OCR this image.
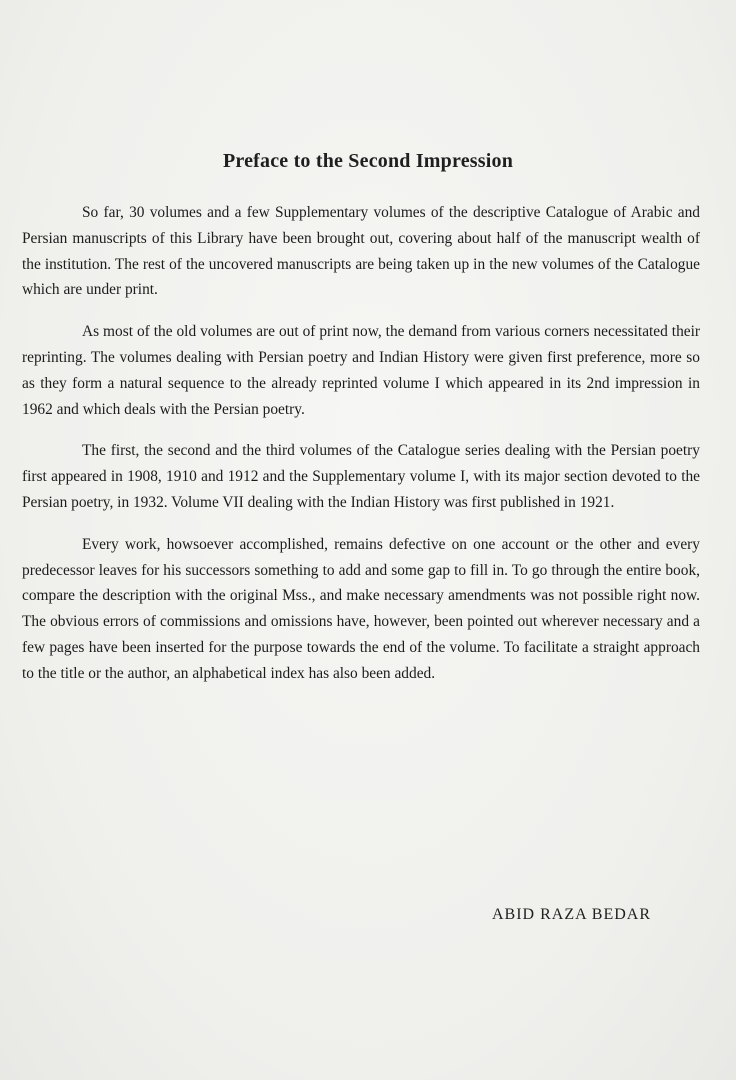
Preface to the Second Impression

So far, 30 volumes and a few Supplementary volumes of the descriptive Catalogue of Arabic and Persian manuscripts of this Library have been brought out, covering about half of the manuscript wealth of the institution. The rest of the uncovered manuscripts are being taken up in the new volumes of the Catalogue which are under print.

As most of the old volumes are out of print now, the demand from various corners necessitated their reprinting. The volumes dealing with Persian poetry and Indian History were given first preference, more so as they form a natural sequence to the already reprinted volume I which appeared in its 2nd impression in 1962 and which deals with the Persian poetry.

The first, the second and the third volumes of the Catalogue series dealing with the Persian poetry first appeared in 1908, 1910 and 1912 and the Supplementary volume I, with its major section devoted to the Persian poetry, in 1932. Volume VII dealing with the Indian History was first published in 1921.

Every work, howsoever accomplished, remains defective on one account or the other and every predecessor leaves for his successors something to add and some gap to fill in. To go through the entire book, compare the description with the original Mss., and make necessary amendments was not possible right now. The obvious errors of commissions and omissions have, however, been pointed out wherever necessary and a few pages have been inserted for the purpose towards the end of the volume. To facilitate a straight approach to the title or the author, an alphabetical index has also been added.

ABID RAZA BEDAR
